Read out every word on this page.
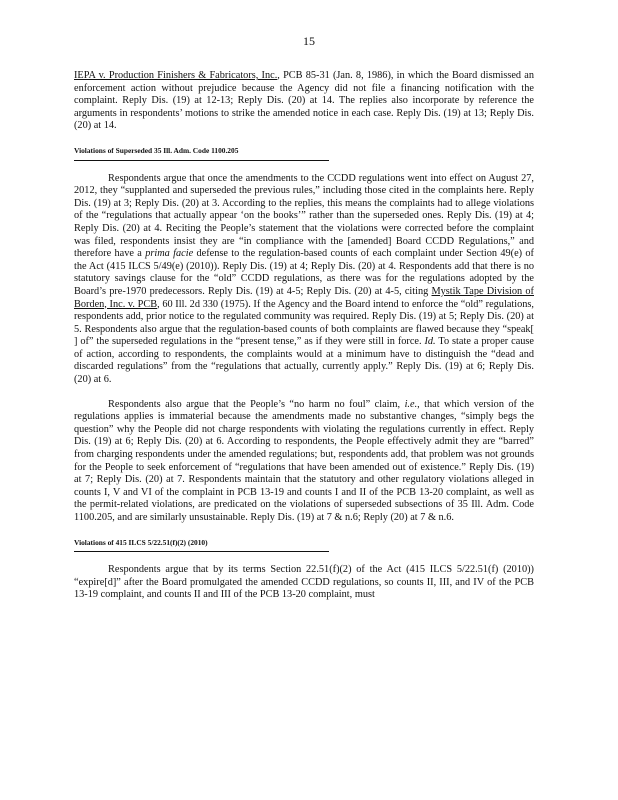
15

IEPA v. Production Finishers & Fabricators, Inc., PCB 85-31 (Jan. 8, 1986), in which the Board dismissed an enforcement action without prejudice because the Agency did not file a financing notification with the complaint. Reply Dis. (19) at 12-13; Reply Dis. (20) at 14. The replies also incorporate by reference the arguments in respondents’ motions to strike the amended notice in each case. Reply Dis. (19) at 13; Reply Dis. (20) at 14.

Violations of Superseded 35 Ill. Adm. Code 1100.205

Respondents argue that once the amendments to the CCDD regulations went into effect on August 27, 2012, they “supplanted and superseded the previous rules,” including those cited in the complaints here. Reply Dis. (19) at 3; Reply Dis. (20) at 3. According to the replies, this means the complaints had to allege violations of the “regulations that actually appear ‘on the books’” rather than the superseded ones. Reply Dis. (19) at 4; Reply Dis. (20) at 4. Reciting the People’s statement that the violations were corrected before the complaint was filed, respondents insist they are “in compliance with the [amended] Board CCDD Regulations,” and therefore have a prima facie defense to the regulation-based counts of each complaint under Section 49(e) of the Act (415 ILCS 5/49(e) (2010)). Reply Dis. (19) at 4; Reply Dis. (20) at 4. Respondents add that there is no statutory savings clause for the “old” CCDD regulations, as there was for the regulations adopted by the Board’s pre-1970 predecessors. Reply Dis. (19) at 4-5; Reply Dis. (20) at 4-5, citing Mystik Tape Division of Borden, Inc. v. PCB, 60 Ill. 2d 330 (1975). If the Agency and the Board intend to enforce the “old” regulations, respondents add, prior notice to the regulated community was required. Reply Dis. (19) at 5; Reply Dis. (20) at 5. Respondents also argue that the regulation-based counts of both complaints are flawed because they “speak[ ] of” the superseded regulations in the “present tense,” as if they were still in force. Id. To state a proper cause of action, according to respondents, the complaints would at a minimum have to distinguish the “dead and discarded regulations” from the “regulations that actually, currently apply.” Reply Dis. (19) at 6; Reply Dis. (20) at 6.

Respondents also argue that the People’s “no harm no foul” claim, i.e., that which version of the regulations applies is immaterial because the amendments made no substantive changes, “simply begs the question” why the People did not charge respondents with violating the regulations currently in effect. Reply Dis. (19) at 6; Reply Dis. (20) at 6. According to respondents, the People effectively admit they are “barred” from charging respondents under the amended regulations; but, respondents add, that problem was not grounds for the People to seek enforcement of “regulations that have been amended out of existence.” Reply Dis. (19) at 7; Reply Dis. (20) at 7. Respondents maintain that the statutory and other regulatory violations alleged in counts I, V and VI of the complaint in PCB 13-19 and counts I and II of the PCB 13-20 complaint, as well as the permit-related violations, are predicated on the violations of superseded subsections of 35 Ill. Adm. Code 1100.205, and are similarly unsustainable. Reply Dis. (19) at 7 & n.6; Reply (20) at 7 & n.6.

Violations of 415 ILCS 5/22.51(f)(2) (2010)

Respondents argue that by its terms Section 22.51(f)(2) of the Act (415 ILCS 5/22.51(f) (2010)) “expire[d]” after the Board promulgated the amended CCDD regulations, so counts II, III, and IV of the PCB 13-19 complaint, and counts II and III of the PCB 13-20 complaint, must
